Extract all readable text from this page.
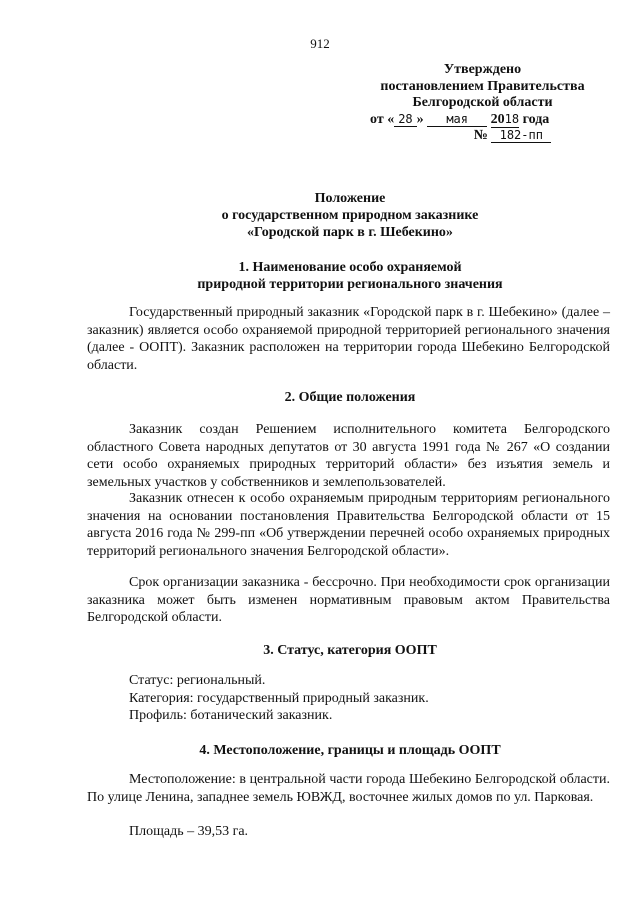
912
Утверждено
постановлением Правительства
Белгородской области
от « 28 » мая 2018 года
№ 182-пп
Положение
о государственном природном заказнике
«Городской парк в г. Шебекино»
1. Наименование особо охраняемой
природной территории регионального значения
Государственный природный заказник «Городской парк в г. Шебекино» (далее – заказник) является особо охраняемой природной территорией регионального значения (далее - ООПТ). Заказник расположен на территории города Шебекино Белгородской области.
2. Общие положения
Заказник создан Решением исполнительного комитета Белгородского областного Совета народных депутатов от 30 августа 1991 года № 267 «О создании сети особо охраняемых природных территорий области» без изъятия земель и земельных участков у собственников и землепользователей.
Заказник отнесен к особо охраняемым природным территориям регионального значения на основании постановления Правительства Белгородской области от 15 августа 2016 года № 299-пп «Об утверждении перечней особо охраняемых природных территорий регионального значения Белгородской области».
Срок организации заказника - бессрочно. При необходимости срок организации заказника может быть изменен нормативным правовым актом Правительства Белгородской области.
3. Статус, категория ООПТ
Статус: региональный.
Категория: государственный природный заказник.
Профиль: ботанический заказник.
4. Местоположение, границы и площадь ООПТ
Местоположение: в центральной части города Шебекино Белгородской области. По улице Ленина, западнее земель ЮВЖД, восточнее жилых домов по ул. Парковая.
Площадь – 39,53 га.
